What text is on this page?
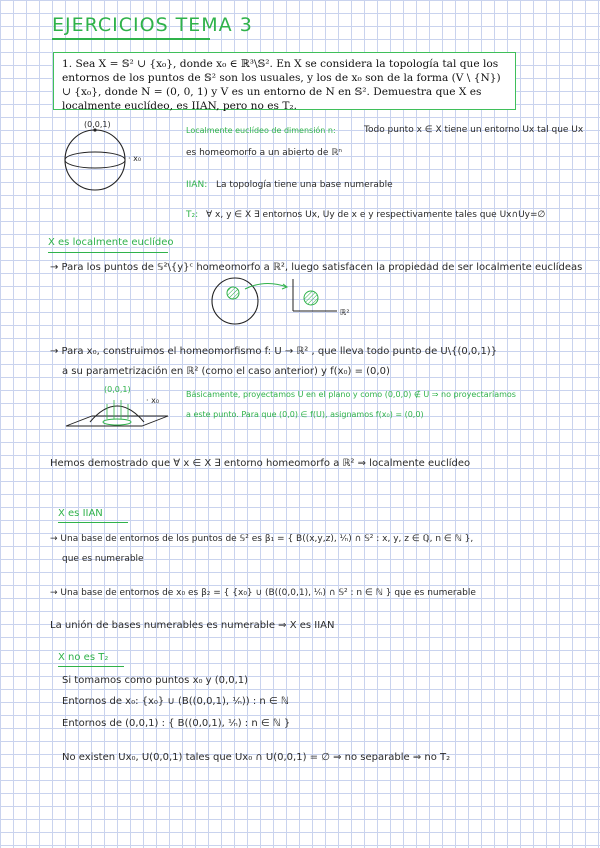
EJERCICIOS TEMA 3
1. Sea X = 𝕊² ∪ {x₀}, donde x₀ ∈ ℝ³\𝕊². En X se considera la topología tal que los entornos de los puntos de 𝕊² son los usuales, y los de x₀ son de la forma (V \ {N}) ∪ {x₀}, donde N = (0, 0, 1) y V es un entorno de N en 𝕊². Demuestra que X es localmente euclídeo, es IIAN, pero no es T₂.
(0,0,1)
· x₀
Localmente euclídeo de dimensión n:	Todo punto x ∈ X tiene un entorno Ux tal que Ux
es homeomorfo a un abierto de ℝⁿ
IIAN: La topología tiene una base numerable
T₂: ∀ x, y ∈ X ∃ entornos Ux, Uy de x e y respectivamente tales que Ux∩Uy=∅
X es localmente euclídeo
→ Para los puntos de 𝕊²\{y}ᶜ homeomorfo a ℝ², luego satisfacen la propiedad de ser localmente euclídeas
ℝ²
→ Para x₀, construimos el homeomorfismo f: U → ℝ² , que lleva todo punto de U\{(0,0,1)}
a su parametrización en ℝ² (como el caso anterior) y f(x₀) = (0,0)
(0,0,1)
· x₀
Básicamente, proyectamos U en el plano y como (0,0,0) ∉ U ⇒ no proyectaríamos
a este punto. Para que (0,0) ∈ f(U), asignamos f(x₀) = (0,0)
Hemos demostrado que ∀ x ∈ X ∃ entorno homeomorfo a ℝ² ⇒ localmente euclídeo
X es IIAN
→ Una base de entornos de los puntos de 𝕊² es β₁ = { B((x,y,z), ⅟ₙ) ∩ 𝕊² : x, y, z ∈ ℚ, n ∈ ℕ },
que es numerable
→ Una base de entornos de x₀ es β₂ = { {x₀} ∪ (B((0,0,1), ⅟ₙ) ∩ 𝕊² : n ∈ ℕ } que es numerable
La unión de bases numerables es numerable ⇒ X es IIAN
X no es T₂
Si tomamos como puntos x₀ y (0,0,1)
Entornos de x₀: {x₀} ∪ (B((0,0,1), ⅟ₙ)) : n ∈ ℕ
Entornos de (0,0,1) : { B((0,0,1), ⅟ₙ) : n ∈ ℕ }
No existen Ux₀, U(0,0,1) tales que Ux₀ ∩ U(0,0,1) = ∅ ⇒ no separable ⇒ no T₂
